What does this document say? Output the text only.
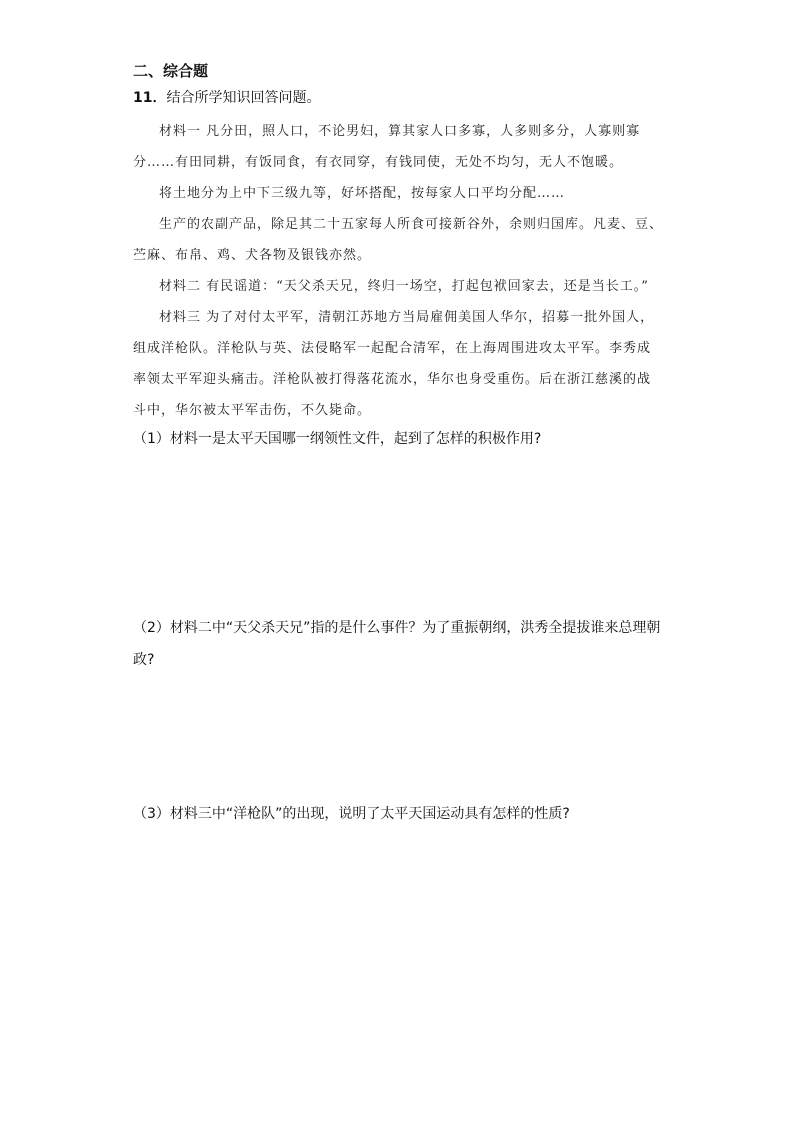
二、综合题
11．结合所学知识回答问题。

材料一 凡分田，照人口，不论男妇，算其家人口多寡，人多则多分，人寡则寡分……有田同耕，有饭同食，有衣同穿，有钱同使，无处不均匀，无人不饱暖。

将土地分为上中下三级九等，好坏搭配，按每家人口平均分配……

生产的农副产品，除足其二十五家每人所食可接新谷外，余则归国库。凡麦、豆、苎麻、布帛、鸡、犬各物及银钱亦然。

材料二 有民谣道：“天父杀天兄，终归一场空，打起包袱回家去，还是当长工。”

材料三 为了对付太平军，清朝江苏地方当局雇佣美国人华尔，招募一批外国人，组成洋枪队。洋枪队与英、法侵略军一起配合清军，在上海周围进攻太平军。李秀成率领太平军迎头痛击。洋枪队被打得落花流水，华尔也身受重伤。后在浙江慈溪的战斗中，华尔被太平军击伤，不久毙命。

（1）材料一是太平天国哪一纲领性文件，起到了怎样的积极作用?

（2）材料二中“天父杀天兄”指的是什么事件？为了重振朝纲，洪秀全提拔谁来总理朝政?

（3）材料三中“洋枪队”的出现，说明了太平天国运动具有怎样的性质?
